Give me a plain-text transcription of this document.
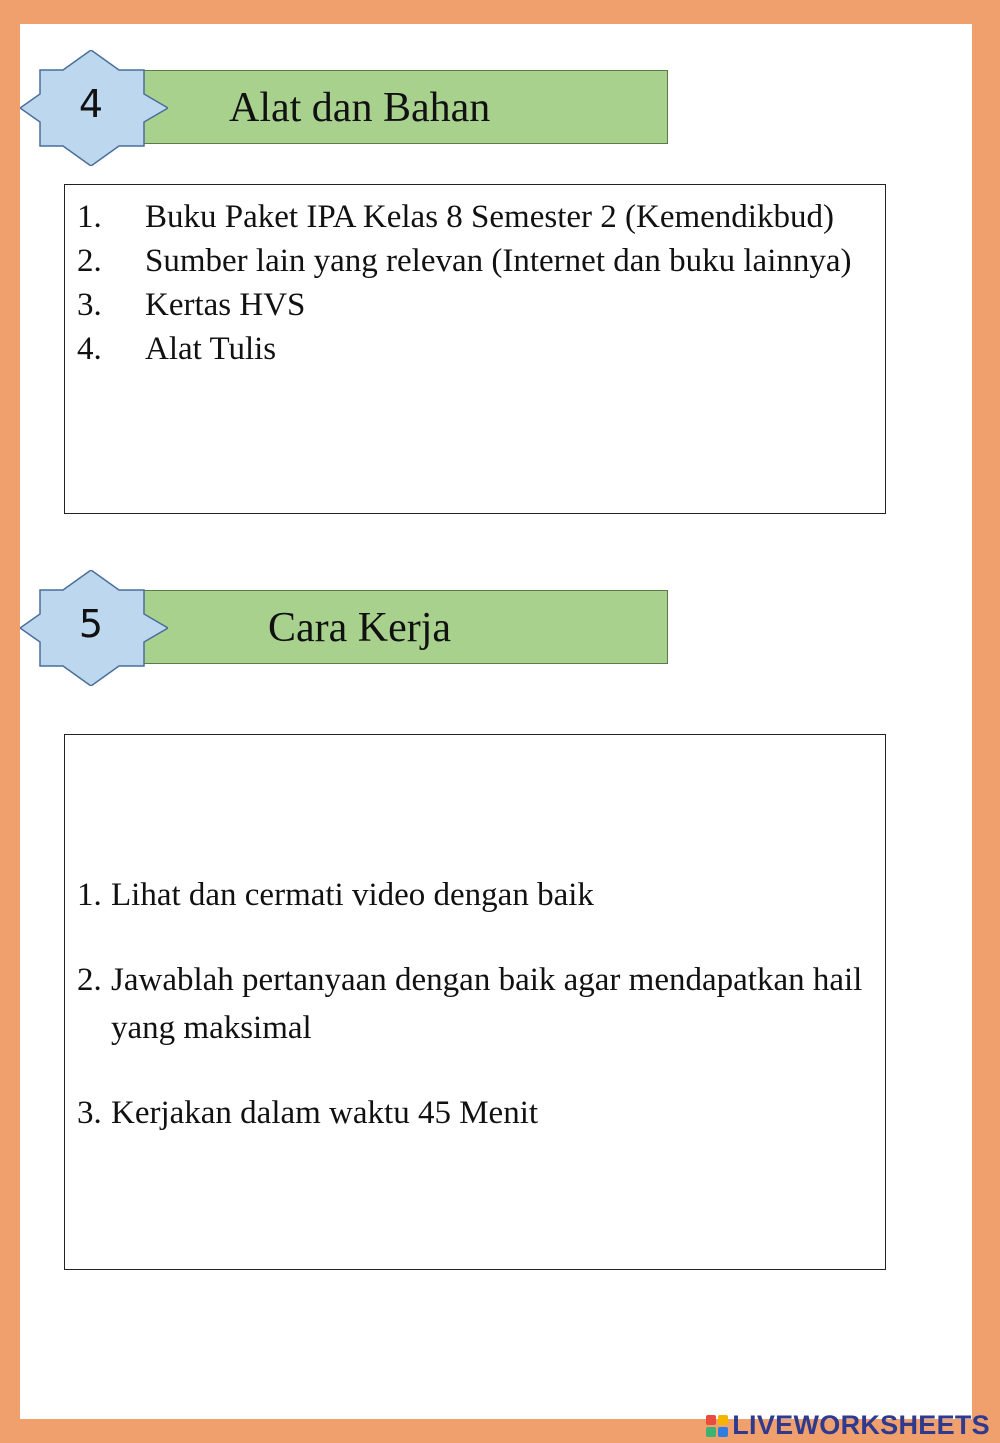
Alat dan Bahan
4
1. Buku Paket IPA Kelas 8 Semester 2 (Kemendikbud)
2. Sumber lain yang relevan (Internet dan buku lainnya)
3. Kertas HVS
4. Alat Tulis
Cara Kerja
5
1. Lihat dan cermati video dengan baik
2. Jawablah pertanyaan dengan baik agar mendapatkan hail yang maksimal
3. Kerjakan dalam waktu 45 Menit
LIVEWORKSHEETS
